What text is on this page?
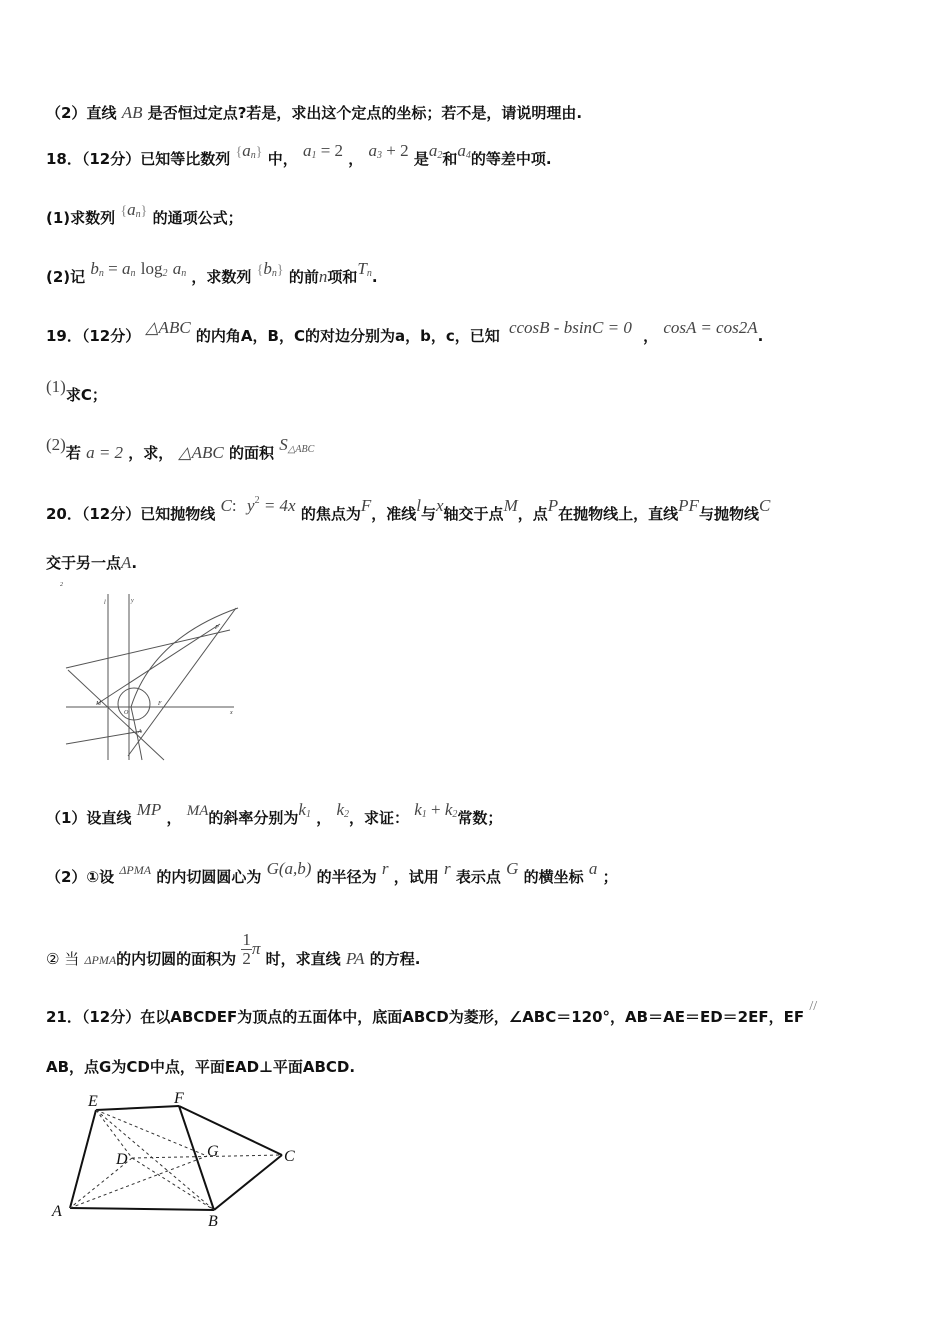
（2）直线 AB 是否恒过定点?若是，求出这个定点的坐标；若不是，请说明理由.
18．（12分）已知等比数列 $\{a_n\}$ 中， $a_1 = 2$ ， $a_3 + 2$ 是$a_2$和$a_4$的等差中项.
(1)求数列 $\{a_n\}$ 的通项公式；
(2)记 $b_n = a_n$ $\log_2 a_n$ ，求数列 $\{b_n\}$ 的前n项和$T_n$.
19．（12分） △ABC 的内角A，B，C的对边分别为a，b，c，已知 ccosB - bsinC = 0 ， cosA = cos2A.
(1)求C；
(2)若 a = 2 ，求， △ABC 的面积 $S_{\triangle ABC}$
20．（12分）已知抛物线 C: $y^2 = 4x$ 的焦点为F，准线l与x轴交于点M，点P在抛物线上，直线PF与抛物线C
交于另一点A.
2
l	y
M
O
F
A
P
x
（1）设直线 MP ， MA的斜率分别为$k_1$ ， $k_2$，求证： $k_1 + k_2$常数；
（2）①设 $^{\Delta PMA}$ 的内切圆圆心为 G(a,b) 的半径为 r ，试用 r 表示点 G 的横坐标 a ；
② 当 ΔPMA的内切圆的面积为 $\frac{1}{2}$ π 时，求直线 PA 的方程.
21．（12分）在以ABCDEF为顶点的五面体中，底面ABCD为菱形，∠ABC＝120°，AB＝AE＝ED＝2EF，EF //
AB，点G为CD中点，平面EAD⊥平面ABCD.
E	F
D	G	C
A
B
